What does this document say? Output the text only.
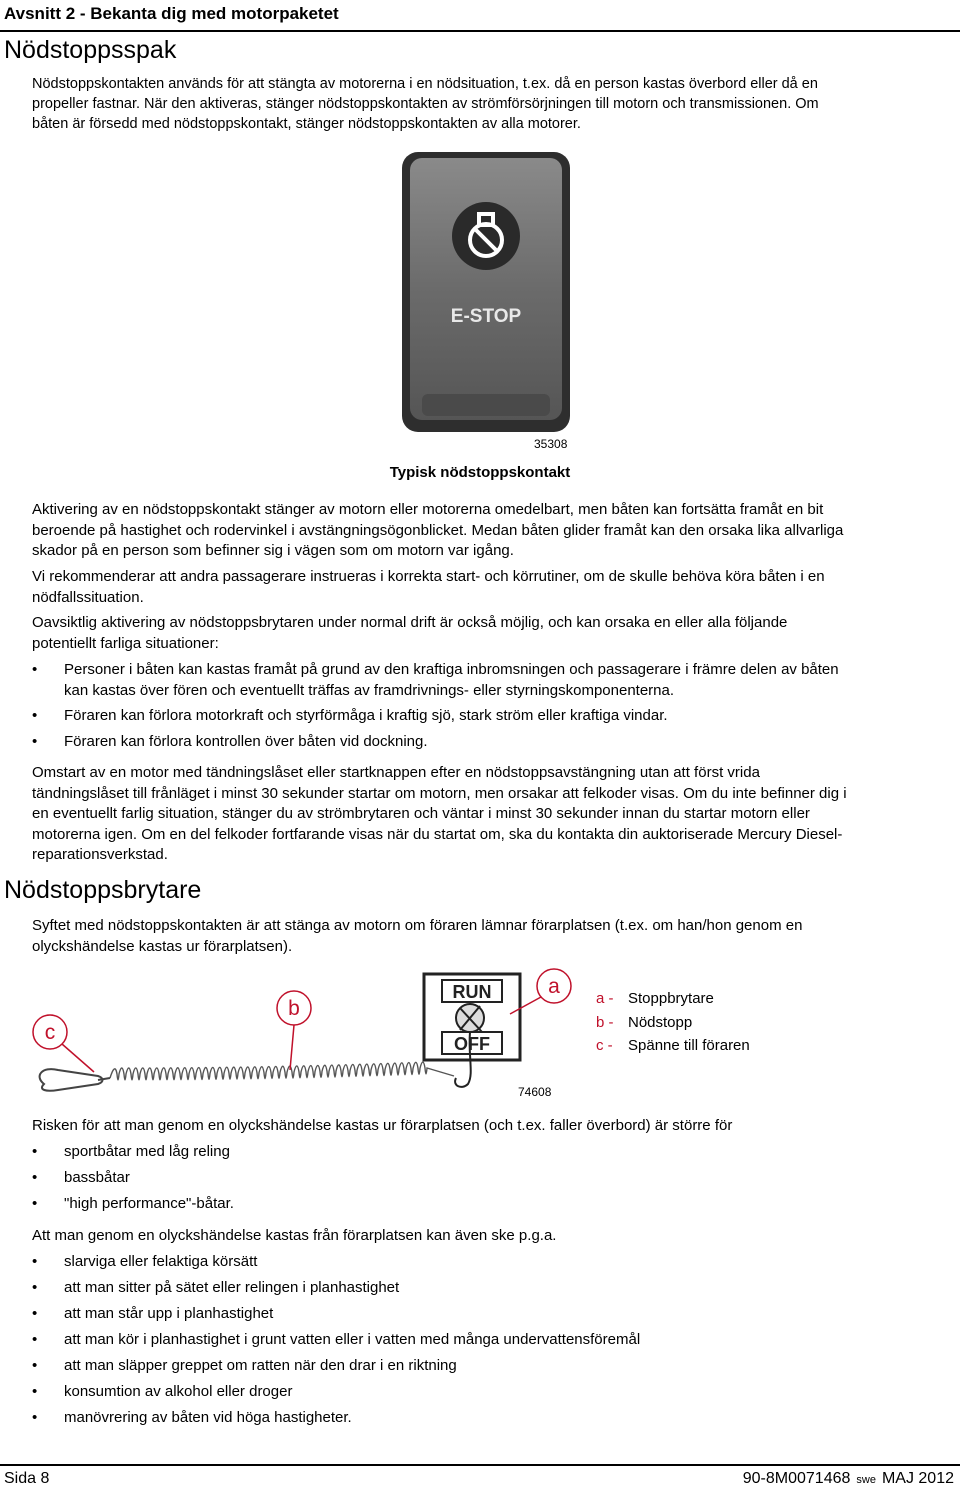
Avsnitt 2 - Bekanta dig med motorpaketet
Nödstoppsspak
Nödstoppskontakten används för att stängta av motorerna i en nödsituation, t.ex. då en person kastas överbord eller då en
propeller fastnar. När den aktiveras, stänger nödstoppskontakten av strömförsörjningen till motorn och transmissionen. Om
båten är försedd med nödstoppskontakt, stänger nödstoppskontakten av alla motorer.
E-STOP
35308
Typisk nödstoppskontakt
Aktivering av en nödstoppskontakt stänger av motorn eller motorerna omedelbart, men båten kan fortsätta framåt en bit
beroende på hastighet och rodervinkel i avstängningsögonblicket. Medan båten glider framåt kan den orsaka lika allvarliga
skador på en person som befinner sig i vägen som om motorn var igång.
Vi rekommenderar att andra passagerare instrueras i korrekta start- och körrutiner, om de skulle behöva köra båten i en
nödfallssituation.
Oavsiktlig aktivering av nödstoppsbrytaren under normal drift är också möjlig, och kan orsaka en eller alla följande
potentiellt farliga situationer:
• Personer i båten kan kastas framåt på grund av den kraftiga inbromsningen och passagerare i främre delen av båten
kan kastas över fören och eventuellt träffas av framdrivnings- eller styrningskomponenterna.
• Föraren kan förlora motorkraft och styrförmåga i kraftig sjö, stark ström eller kraftiga vindar.
• Föraren kan förlora kontrollen över båten vid dockning.
Omstart av en motor med tändningslåset eller startknappen efter en nödstoppsavstängning utan att först vrida
tändningslåset till frånläget i minst 30 sekunder startar om motorn, men orsakar att felkoder visas. Om du inte befinner dig i
en eventuellt farlig situation, stänger du av strömbrytaren och väntar i minst 30 sekunder innan du startar motorn eller
motorerna igen. Om en del felkoder fortfarande visas när du startat om, ska du kontakta din auktoriserade Mercury Diesel-
reparationsverkstad.
Nödstoppsbrytare
Syftet med nödstoppskontakten är att stänga av motorn om föraren lämnar förarplatsen (t.ex. om han/hon genom en
olyckshändelse kastas ur förarplatsen).
c
b
RUN
OFF
a
74608
a - Stoppbrytare
b - Nödstopp
c -	Spänne till föraren
Risken för att man genom en olyckshändelse kastas ur förarplatsen (och t.ex. faller överbord) är större för
• sportbåtar med låg reling
• bassbåtar
• "high performance"-båtar.
Att man genom en olyckshändelse kastas från förarplatsen kan även ske p.g.a.
• slarviga eller felaktiga körsätt
• att man sitter på sätet eller relingen i planhastighet
• att man står upp i planhastighet
• att man kör i planhastighet i grunt vatten eller i vatten med många undervattensföremål
• att man släpper greppet om ratten när den drar i en riktning
• konsumtion av alkohol eller droger
• manövrering av båten vid höga hastigheter.
Sida 8	90-8M0071468 swe MAJ 2012
